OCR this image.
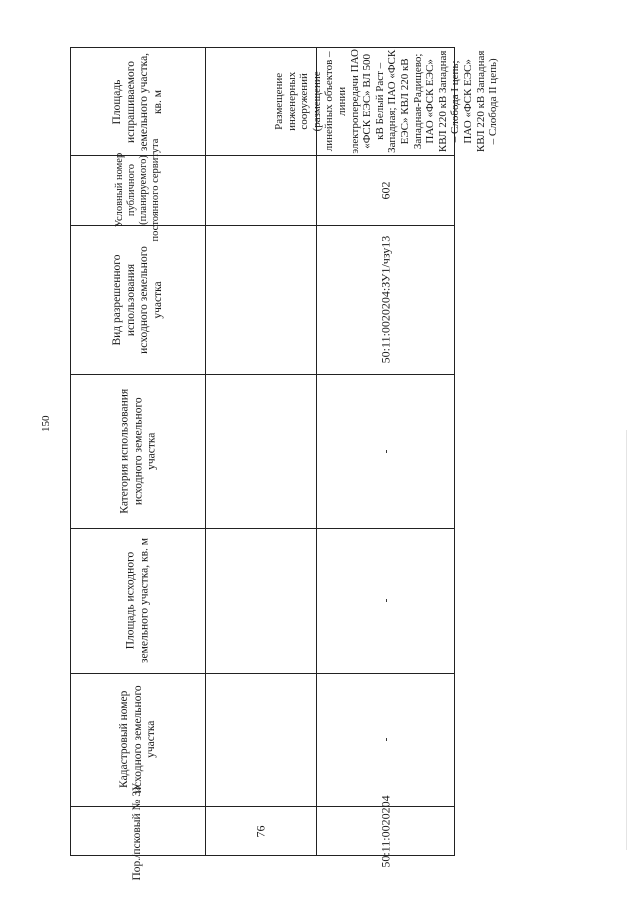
150
Пор./псковый № ЗУ
Кадастровый номер исходного земельного участка
Площадь исходного земельного участка, кв. м
Категория использования исходного земельного участка
Вид разрешенного использования исходного земельного участка
Условный номер публичного (планируемого) постоянного сервитута
Площадь испрашиваемого земельного участка, кв. м
76	50:11:0020204
-
-
-
50:11:0020204:ЗУ1/чзу13
602
Размещение инженерных сооружений (размещение линейных объектов – линии электропередачи ПАО «ФСК ЕЭС» ВЛ 500 кВ Белый Раст – Западная; ПАО «ФСК ЕЭС» КВЛ 220 кВ Западная-Радищево; ПАО «ФСК ЕЭС» КВЛ 220 кВ Западная – Слобода I цепь; ПАО «ФСК ЕЭС» КВЛ 220 кВ Западная – Слобода II цепь)
